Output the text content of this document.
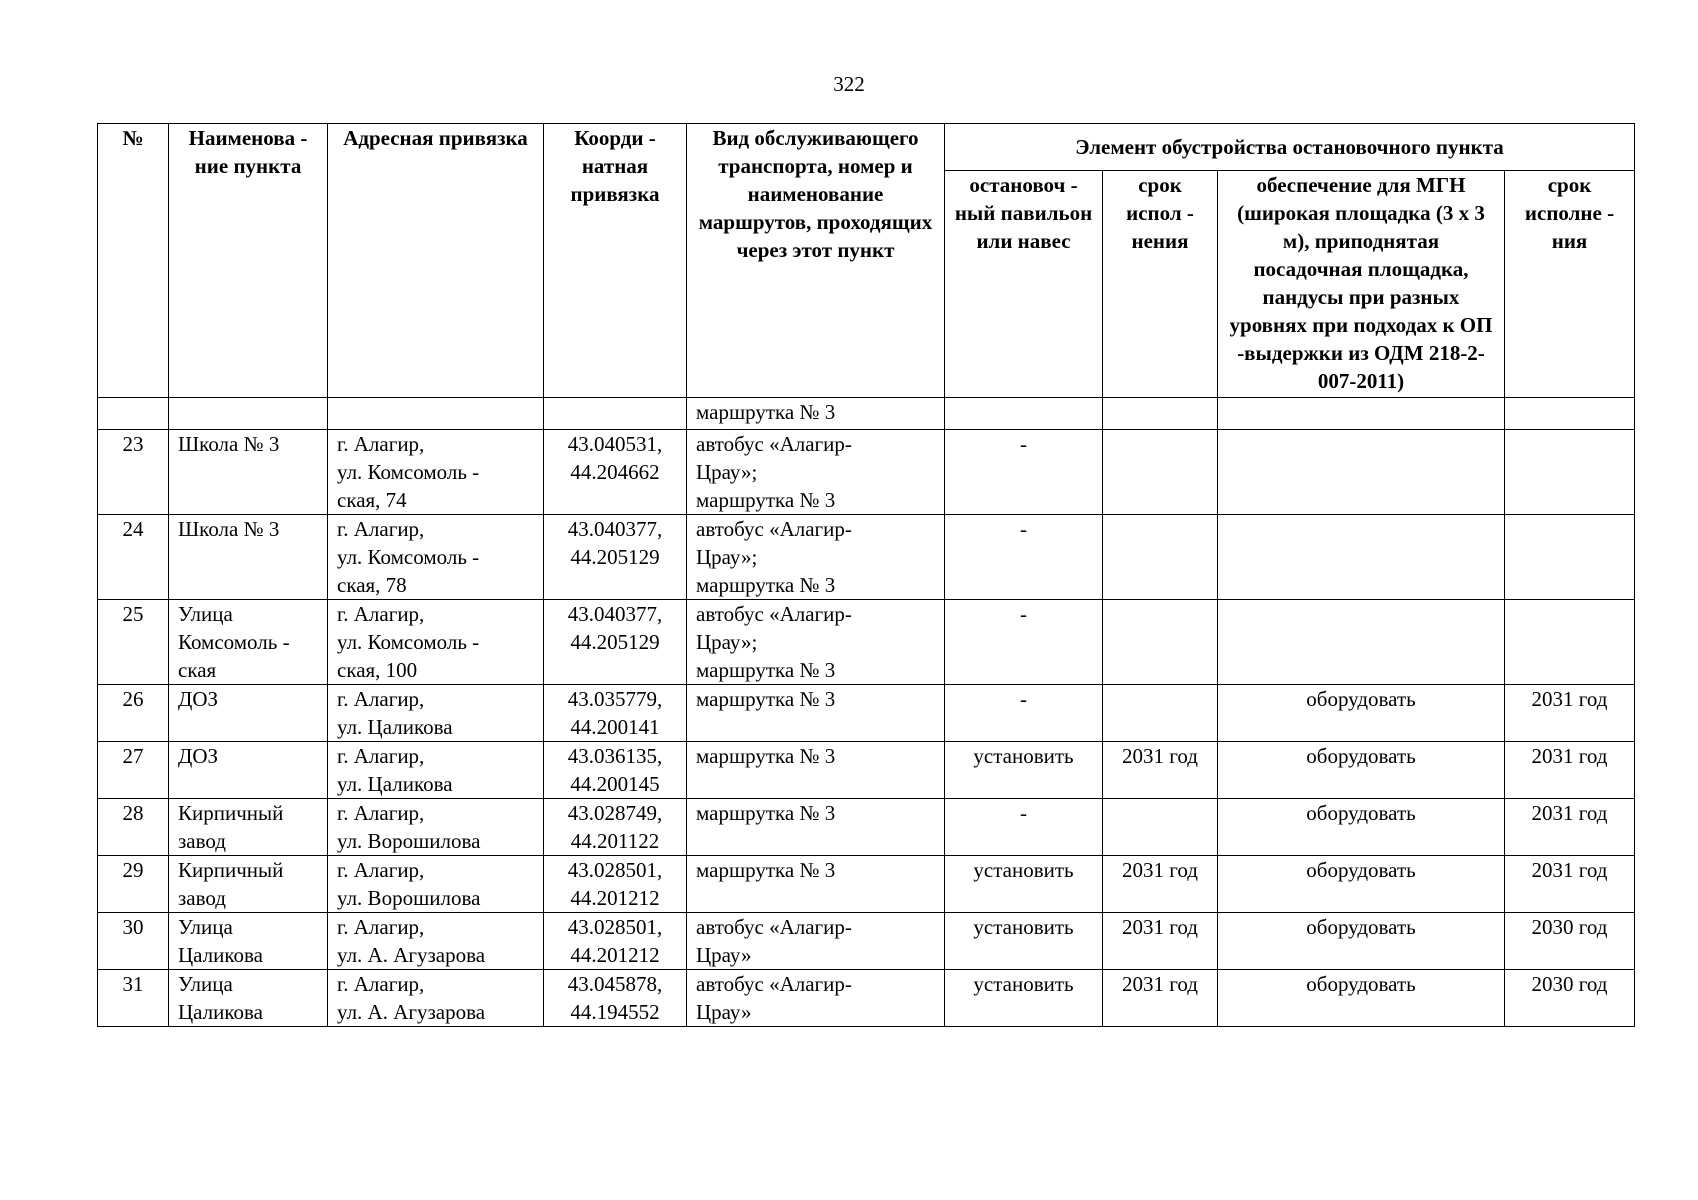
322
№	Наименова - ние пункта	Адресная привязка	Коорди - натная привязка	Вид обслуживающего транспорта, номер и наименование маршрутов, проходящих через этот пункт	Элемент обустройства остановочного пункта			
					остановоч - ный павильон или навес	срок испол - нения	обеспечение для МГН (широкая площадка (3 х 3 м), приподнятая посадочная площадка, пандусы при разных уровнях при подходах к ОП -выдержки из ОДМ 218-2-007-2011)	срок исполне - ния
				маршрутка № 3				
23	Школа № 3	г. Алагир,
ул. Комсомоль -
ская, 74	43.040531,
44.204662	автобус «Алагир-
Црау»;
маршрутка № 3	-			
24	Школа № 3	г. Алагир,
ул. Комсомоль -
ская, 78	43.040377,
44.205129	автобус «Алагир-
Црау»;
маршрутка № 3	-			
25	Улица
Комсомоль -
ская	г. Алагир,
ул. Комсомоль -
ская, 100	43.040377,
44.205129	автобус «Алагир-
Црау»;
маршрутка № 3	-			
26	ДОЗ	г. Алагир,
ул. Цаликова	43.035779,
44.200141	маршрутка № 3	-		оборудовать	2031 год
27	ДОЗ	г. Алагир,
ул. Цаликова	43.036135,
44.200145	маршрутка № 3	установить	2031 год	оборудовать	2031 год
28	Кирпичный
завод	г. Алагир,
ул. Ворошилова	43.028749,
44.201122	маршрутка № 3	-		оборудовать	2031 год
29	Кирпичный
завод	г. Алагир,
ул. Ворошилова	43.028501,
44.201212	маршрутка № 3	установить	2031 год	оборудовать	2031 год
30	Улица
Цаликова	г. Алагир,
ул. А. Агузарова	43.028501,
44.201212	автобус «Алагир-
Црау»	установить	2031 год	оборудовать	2030 год
31	Улица
Цаликова	г. Алагир,
ул. А. Агузарова	43.045878,
44.194552	автобус «Алагир-
Црау»	установить	2031 год	оборудовать	2030 год
